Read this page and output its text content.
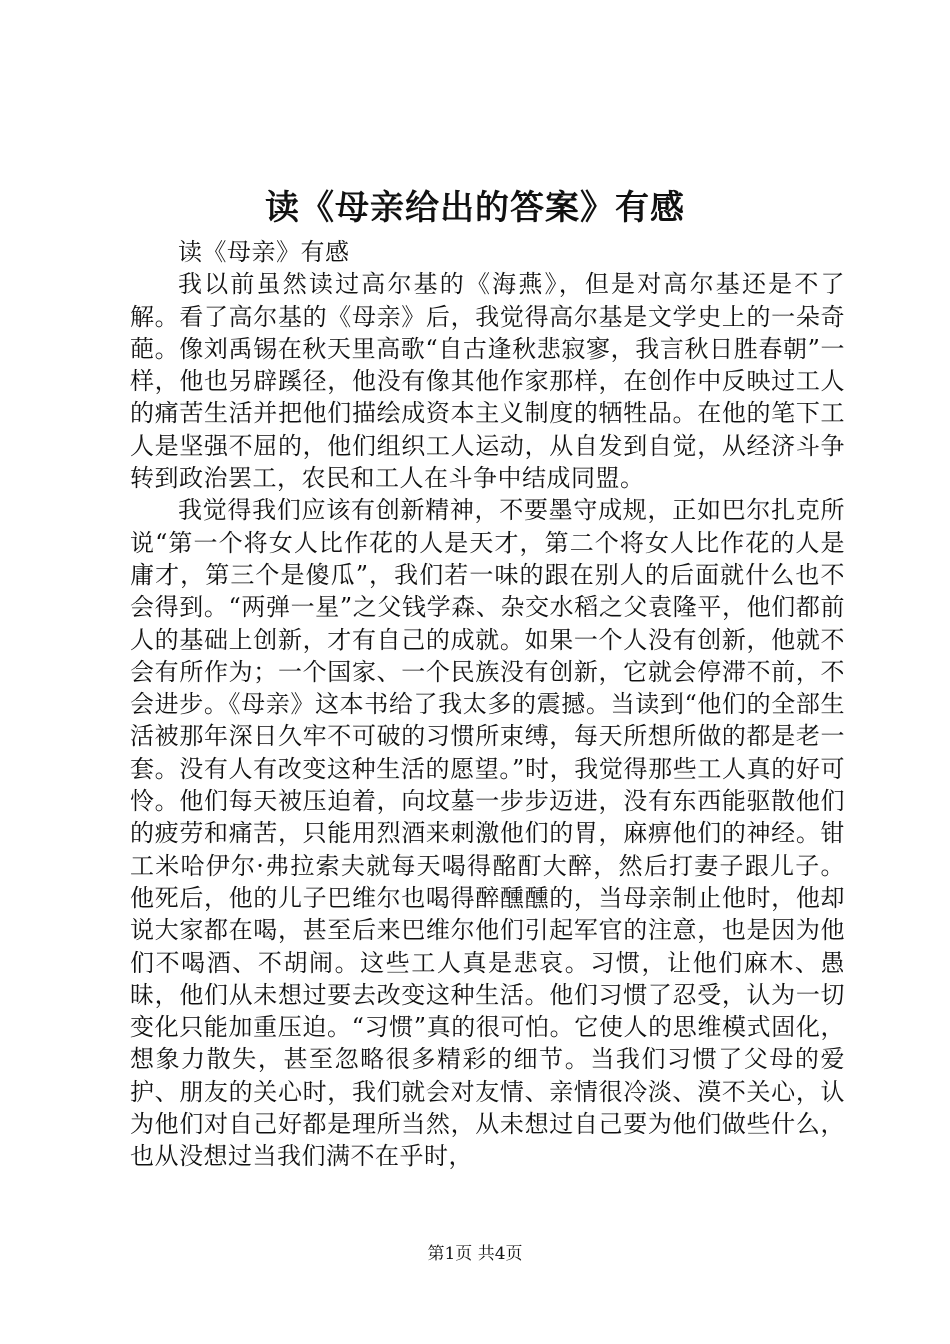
读《母亲给出的答案》有感

读《母亲》有感

我以前虽然读过高尔基的《海燕》，但是对高尔基还是不了解。看了高尔基的《母亲》后，我觉得高尔基是文学史上的一朵奇葩。像刘禹锡在秋天里高歌“自古逢秋悲寂寥，我言秋日胜春朝”一样，他也另辟蹊径，他没有像其他作家那样，在创作中反映过工人的痛苦生活并把他们描绘成资本主义制度的牺牲品。在他的笔下工人是坚强不屈的，他们组织工人运动，从自发到自觉，从经济斗争转到政治罢工，农民和工人在斗争中结成同盟。

我觉得我们应该有创新精神，不要墨守成规，正如巴尔扎克所说“第一个将女人比作花的人是天才，第二个将女人比作花的人是庸才，第三个是傻瓜”，我们若一味的跟在别人的后面就什么也不会得到。“两弹一星”之父钱学森、杂交水稻之父袁隆平，他们都前人的基础上创新，才有自己的成就。如果一个人没有创新，他就不会有所作为；一个国家、一个民族没有创新，它就会停滞不前，不会进步。《母亲》这本书给了我太多的震撼。当读到“他们的全部生活被那年深日久牢不可破的习惯所束缚，每天所想所做的都是老一套。没有人有改变这种生活的愿望。”时，我觉得那些工人真的好可怜。他们每天被压迫着，向坟墓一步步迈进，没有东西能驱散他们的疲劳和痛苦，只能用烈酒来刺激他们的胃，麻痹他们的神经。钳工米哈伊尔·弗拉索夫就每天喝得酩酊大醉，然后打妻子跟儿子。他死后，他的儿子巴维尔也喝得醉醺醺的，当母亲制止他时，他却说大家都在喝，甚至后来巴维尔他们引起军官的注意，也是因为他们不喝酒、不胡闹。这些工人真是悲哀。习惯，让他们麻木、愚昧，他们从未想过要去改变这种生活。他们习惯了忍受，认为一切变化只能加重压迫。“习惯”真的很可怕。它使人的思维模式固化，想象力散失，甚至忽略很多精彩的细节。当我们习惯了父母的爱护、朋友的关心时，我们就会对友情、亲情很冷淡、漠不关心，认为他们对自己好都是理所当然，从未想过自己要为他们做些什么，也从没想过当我们满不在乎时，

第1页 共4页
